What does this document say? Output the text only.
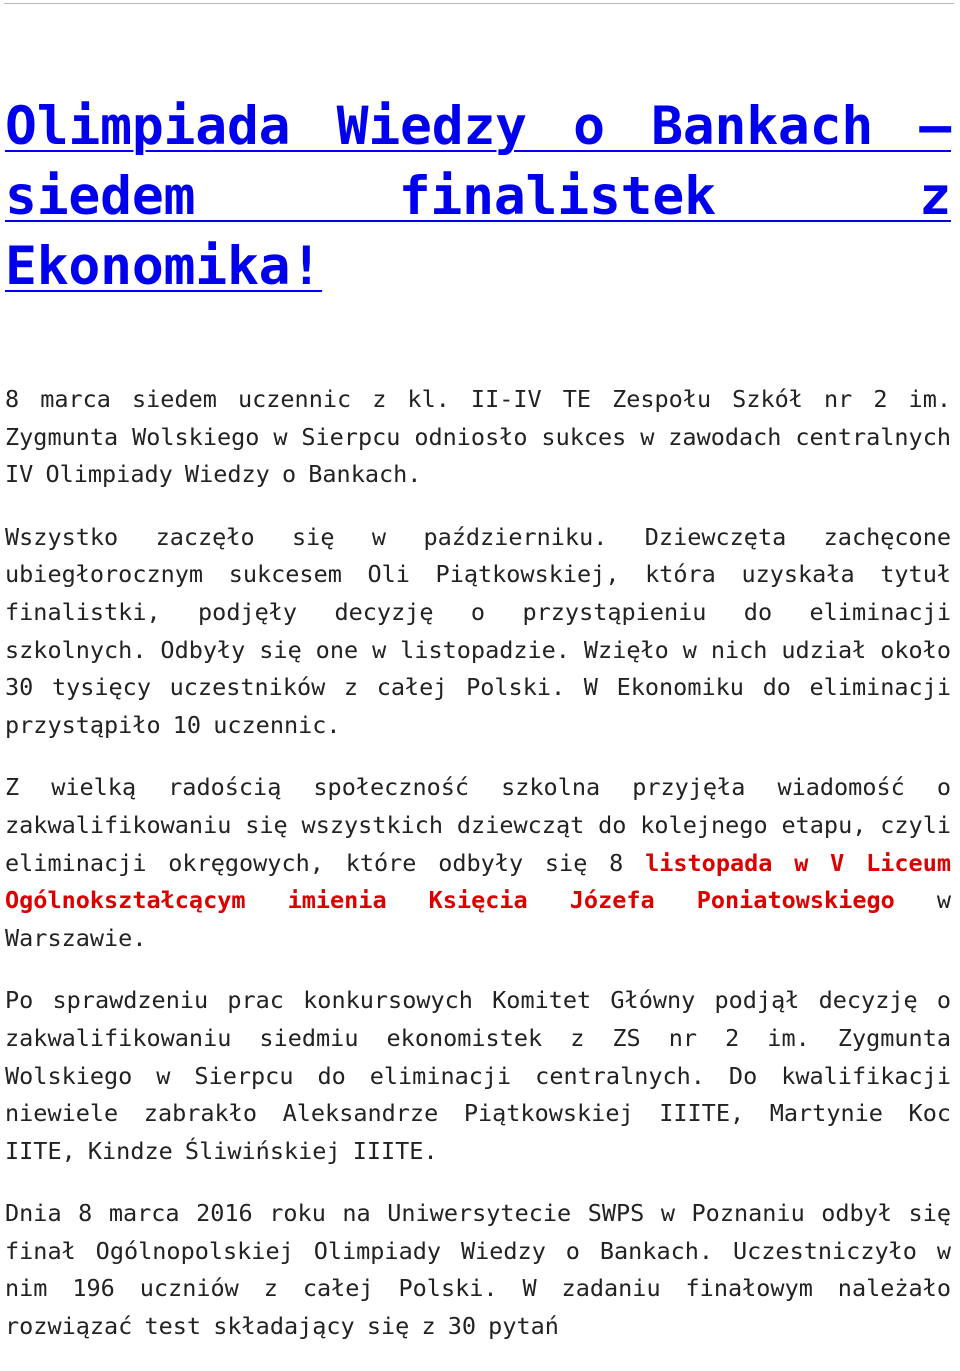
Olimpiada Wiedzy o Bankach – siedem finalistek z Ekonomika!

8 marca siedem uczennic z kl. II-IV TE Zespołu Szkół nr 2 im. Zygmunta Wolskiego w Sierpcu odniosło sukces w zawodach centralnych IV Olimpiady Wiedzy o Bankach.

Wszystko zaczęło się w październiku. Dziewczęta zachęcone ubiegłorocznym sukcesem Oli Piątkowskiej, która uzyskała tytuł finalistki, podjęły decyzję o przystąpieniu do eliminacji szkolnych. Odbyły się one w listopadzie. Wzięło w nich udział około 30 tysięcy uczestników z całej Polski. W Ekonomiku do eliminacji przystąpiło 10 uczennic.

Z wielką radością społeczność szkolna przyjęła wiadomość o zakwalifikowaniu się wszystkich dziewcząt do kolejnego etapu, czyli eliminacji okręgowych, które odbyły się 8 listopada w V Liceum Ogólnokształcącym imienia Księcia Józefa Poniatowskiego w Warszawie.

Po sprawdzeniu prac konkursowych Komitet Główny podjął decyzję o zakwalifikowaniu siedmiu ekonomistek z ZS nr 2 im. Zygmunta Wolskiego w Sierpcu do eliminacji centralnych. Do kwalifikacji niewiele zabrakło Aleksandrze Piątkowskiej IIITE, Martynie Koc IITE, Kindze Śliwińskiej IIITE.

Dnia 8 marca 2016 roku na Uniwersytecie SWPS w Poznaniu odbył się finał Ogólnopolskiej Olimpiady Wiedzy o Bankach. Uczestniczyło w nim 196 uczniów z całej Polski. W zadaniu finałowym należało rozwiązać test składający się z 30 pytań
